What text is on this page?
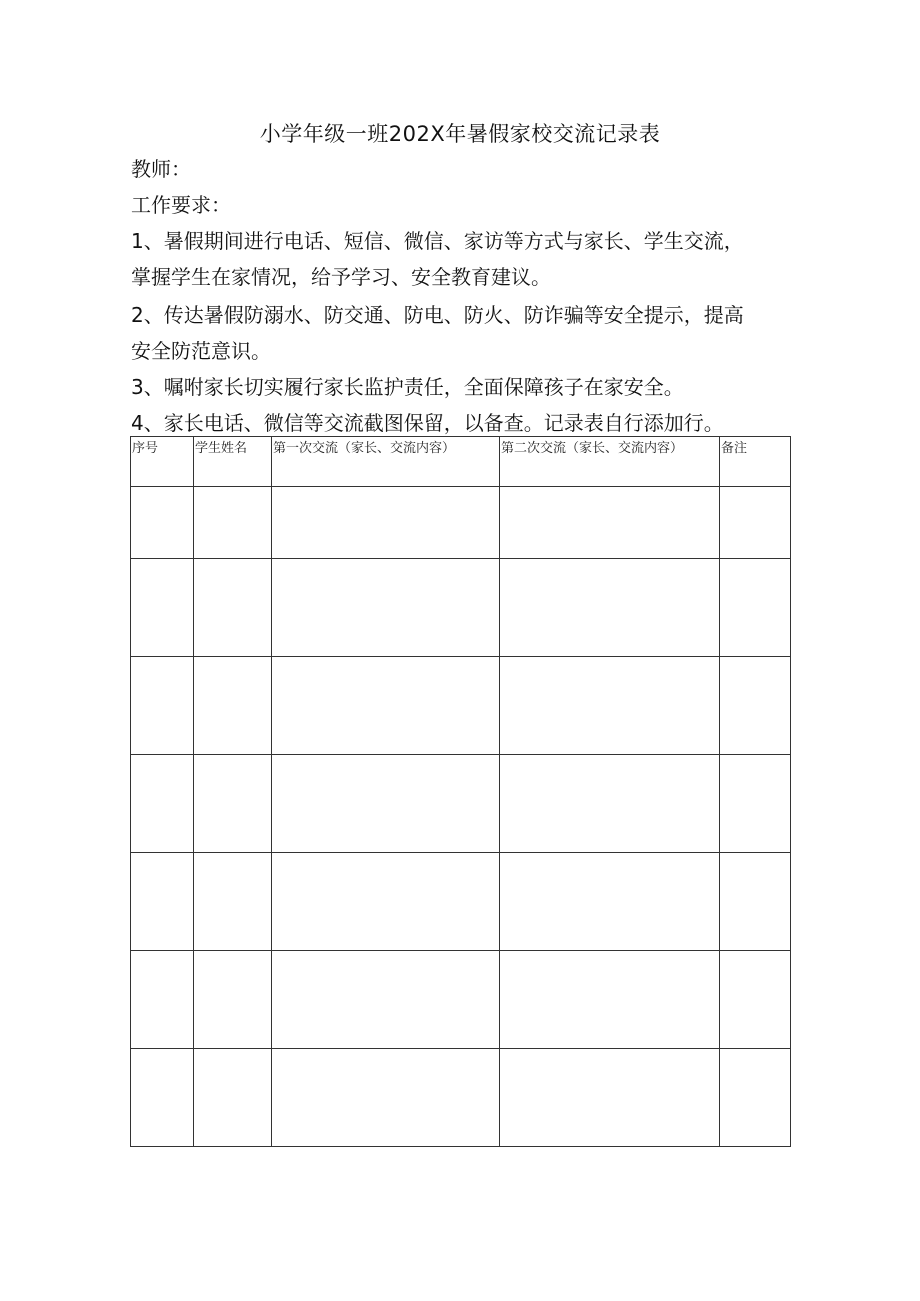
小学年级一班202X年暑假家校交流记录表
教师：
工作要求：
1、暑假期间进行电话、短信、微信、家访等方式与家长、学生交流，
掌握学生在家情况，给予学习、安全教育建议。
2、传达暑假防溺水、防交通、防电、防火、防诈骗等安全提示，提高
安全防范意识。
3、嘱咐家长切实履行家长监护责任，全面保障孩子在家安全。
4、家长电话、微信等交流截图保留，以备查。记录表自行添加行。
序号	学生姓名	第一次交流（家长、交流内容）	第二次交流（家长、交流内容）	备注
